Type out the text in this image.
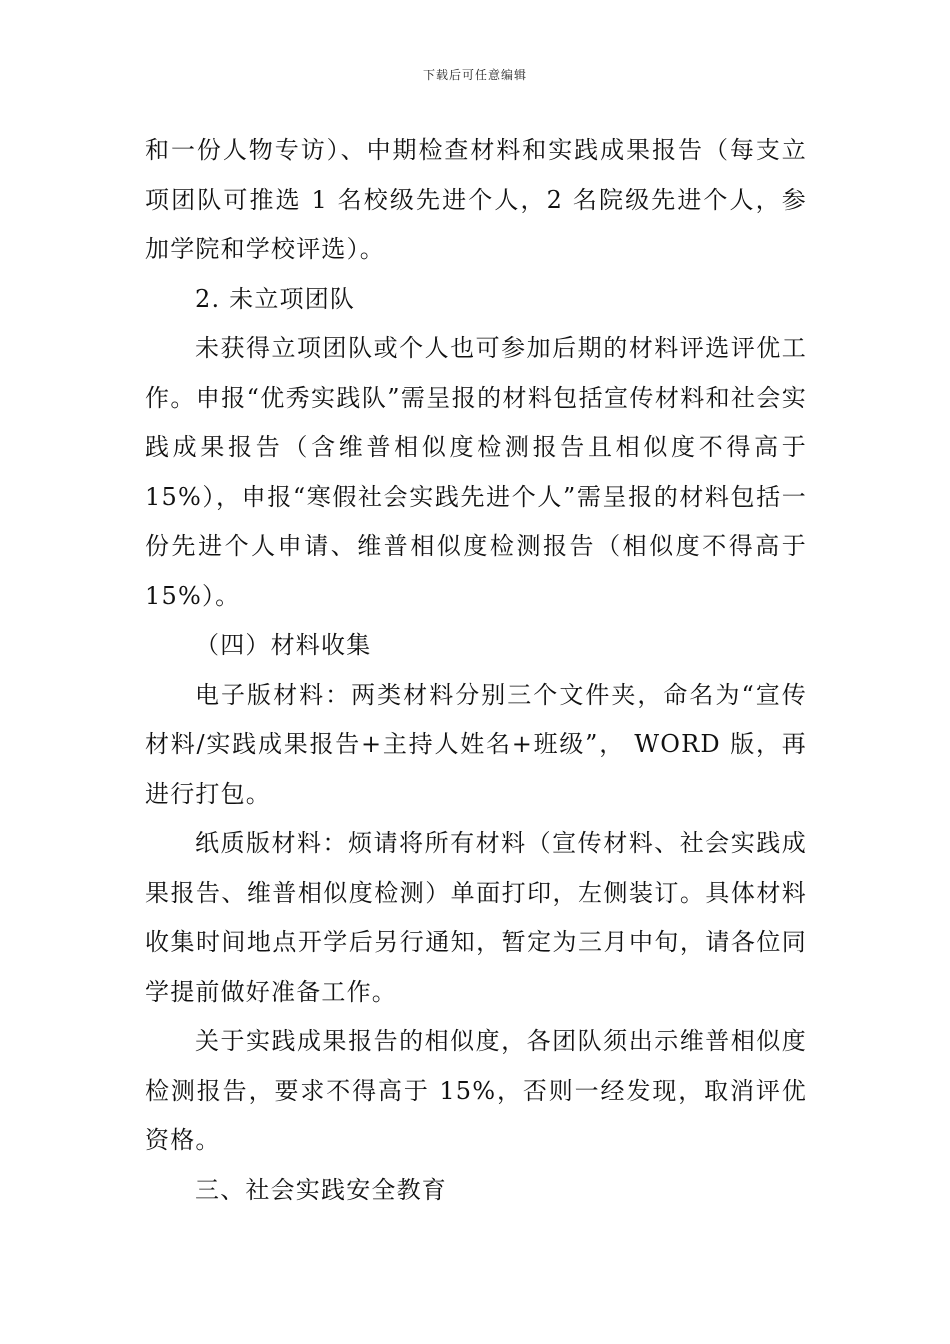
下载后可任意编辑

和一份人物专访）、中期检查材料和实践成果报告（每支立项团队可推选 1 名校级先进个人，2 名院级先进个人，参加学院和学校评选）。

2. 未立项团队

未获得立项团队或个人也可参加后期的材料评选评优工作。申报“优秀实践队”需呈报的材料包括宣传材料和社会实践成果报告（含维普相似度检测报告且相似度不得高于 15%），申报“寒假社会实践先进个人”需呈报的材料包括一份先进个人申请、维普相似度检测报告（相似度不得高于 15%）。

（四）材料收集

电子版材料：两类材料分别三个文件夹，命名为“宣传材料/实践成果报告+主持人姓名+班级”， WORD 版，再进行打包。

纸质版材料：烦请将所有材料（宣传材料、社会实践成果报告、维普相似度检测）单面打印，左侧装订。具体材料收集时间地点开学后另行通知，暂定为三月中旬，请各位同学提前做好准备工作。

关于实践成果报告的相似度，各团队须出示维普相似度检测报告，要求不得高于 15%，否则一经发现，取消评优资格。

三、社会实践安全教育
